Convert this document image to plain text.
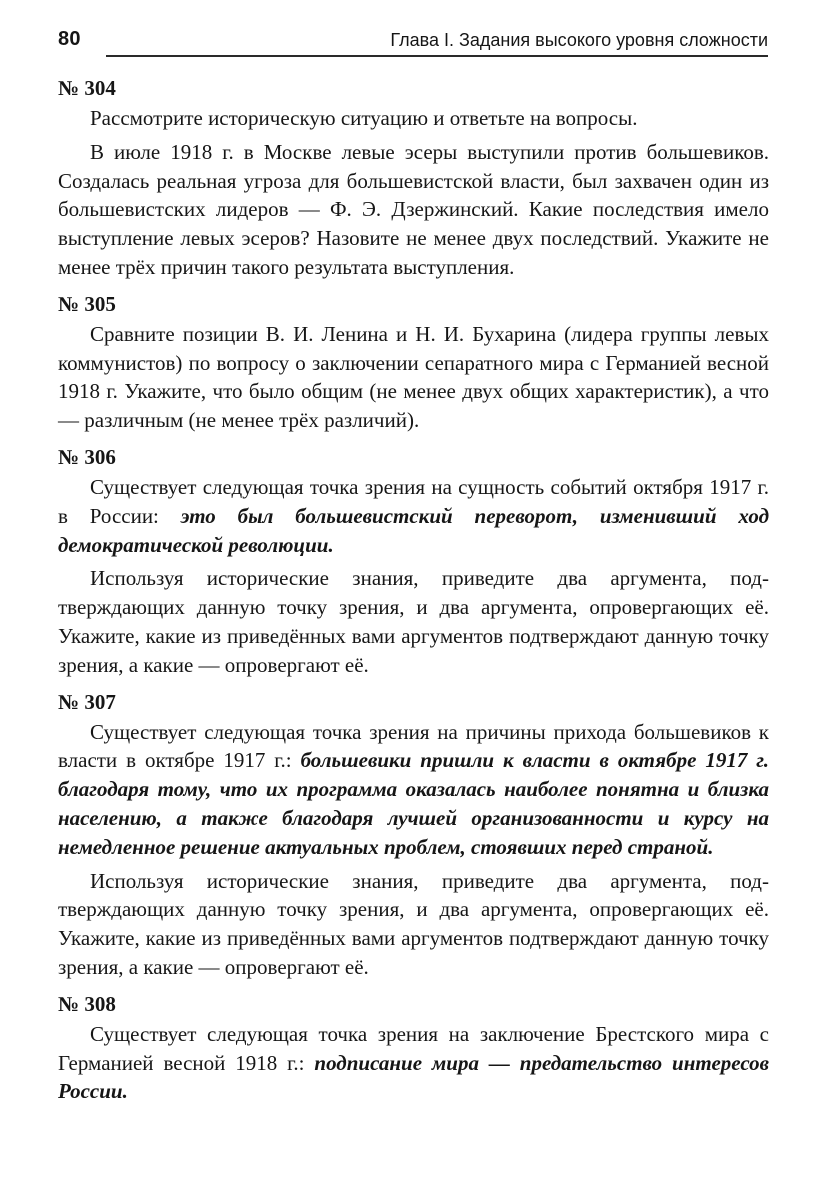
80	Глава I. Задания высокого уровня сложности
№ 304

Рассмотрите историческую ситуацию и ответьте на вопросы.

В июле 1918 г. в Москве левые эсеры выступили против большевиков. Создалась реальная угроза для большевистской власти, был захвачен один из большевистских лидеров — Ф. Э. Дзержинский. Какие последствия имело выступление левых эсеров? Назовите не менее двух последствий. Укажите не менее трёх причин такого результата выступления.

№ 305

Сравните позиции В. И. Ленина и Н. И. Бухарина (лидера группы левых коммунистов) по вопросу о заключении сепаратного мира с Германией весной 1918 г. Укажите, что было общим (не менее двух общих характеристик), а что — различным (не менее трёх различий).

№ 306

Существует следующая точка зрения на сущность событий октября 1917 г. в России: это был большевистский переворот, изменивший ход демократической революции.

Используя исторические знания, приведите два аргумента, подтверждающих данную точку зрения, и два аргумента, опровергающих её. Укажите, какие из приведённых вами аргументов подтверждают данную точку зрения, а какие — опровергают её.

№ 307

Существует следующая точка зрения на причины прихода большевиков к власти в октябре 1917 г.: большевики пришли к власти в октябре 1917 г. благодаря тому, что их программа оказалась наиболее понятна и близка населению, а также благодаря лучшей организованности и курсу на немедленное решение актуальных проблем, стоявших перед страной.

Используя исторические знания, приведите два аргумента, подтверждающих данную точку зрения, и два аргумента, опровергающих её. Укажите, какие из приведённых вами аргументов подтверждают данную точку зрения, а какие — опровергают её.

№ 308

Существует следующая точка зрения на заключение Брестского мира с Германией весной 1918 г.: подписание мира — предательство интересов России.
